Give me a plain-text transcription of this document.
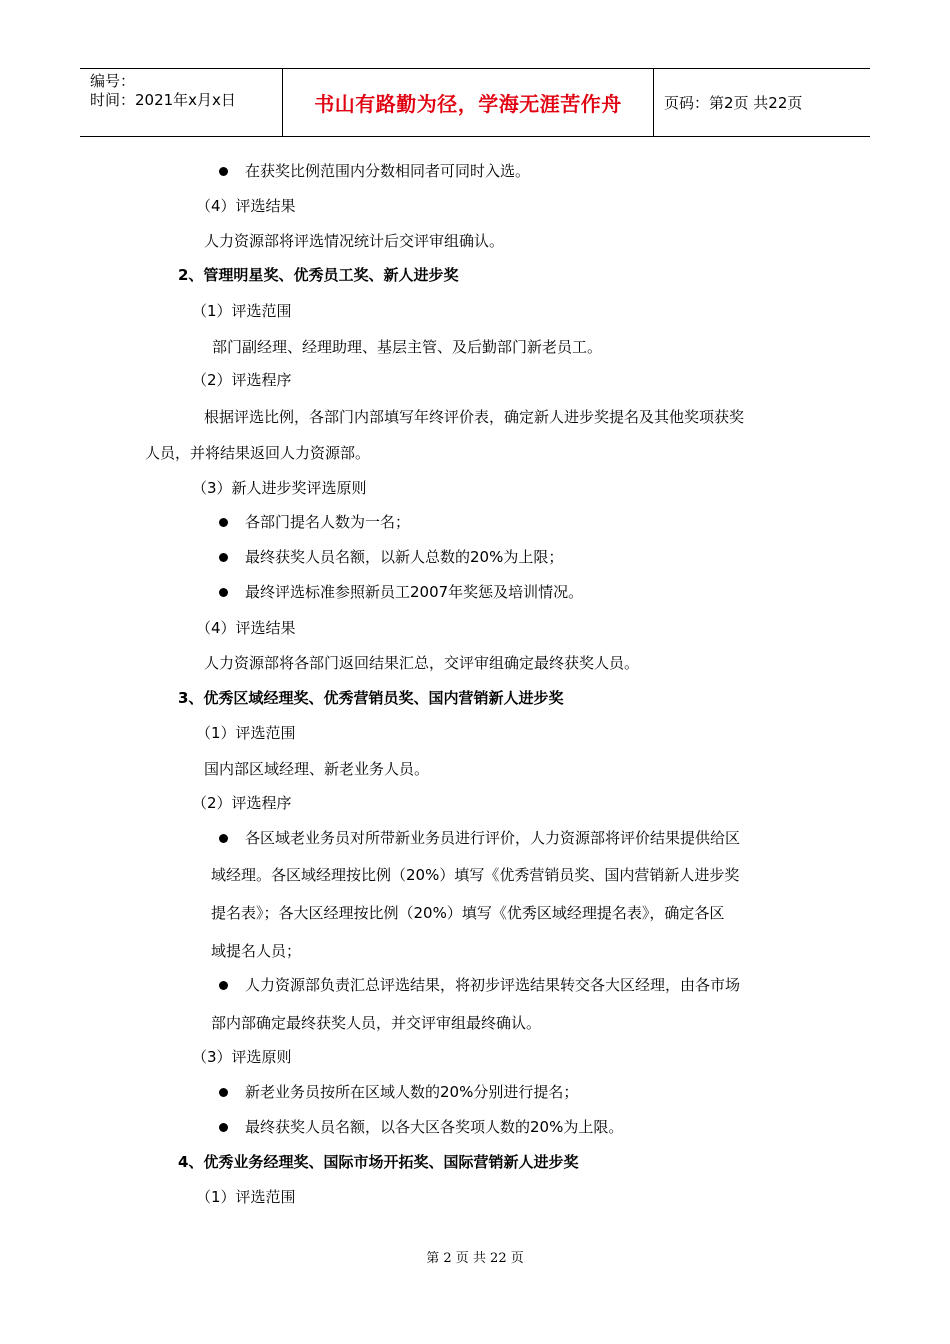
编号：
时间：2021年x月x日	书山有路勤为径，学海无涯苦作舟	页码：第2页 共22页
在获奖比例范围内分数相同者可同时入选。
（4）评选结果
人力资源部将评选情况统计后交评审组确认。
2、管理明星奖、优秀员工奖、新人进步奖
（1）评选范围
部门副经理、经理助理、基层主管、及后勤部门新老员工。
（2）评选程序
根据评选比例，各部门内部填写年终评价表，确定新人进步奖提名及其他奖项获奖
人员，并将结果返回人力资源部。
（3）新人进步奖评选原则
各部门提名人数为一名；
最终获奖人员名额，以新人总数的20%为上限；
最终评选标准参照新员工2007年奖惩及培训情况。
（4）评选结果
人力资源部将各部门返回结果汇总，交评审组确定最终获奖人员。
3、优秀区域经理奖、优秀营销员奖、国内营销新人进步奖
（1）评选范围
国内部区域经理、新老业务人员。
（2）评选程序
各区域老业务员对所带新业务员进行评价，人力资源部将评价结果提供给区
域经理。各区域经理按比例（20%）填写《优秀营销员奖、国内营销新人进步奖
提名表》；各大区经理按比例（20%）填写《优秀区域经理提名表》，确定各区
域提名人员；
人力资源部负责汇总评选结果，将初步评选结果转交各大区经理，由各市场
部内部确定最终获奖人员，并交评审组最终确认。
（3）评选原则
新老业务员按所在区域人数的20%分别进行提名；
最终获奖人员名额，以各大区各奖项人数的20%为上限。
4、优秀业务经理奖、国际市场开拓奖、国际营销新人进步奖
（1）评选范围
第 2 页 共 22 页
